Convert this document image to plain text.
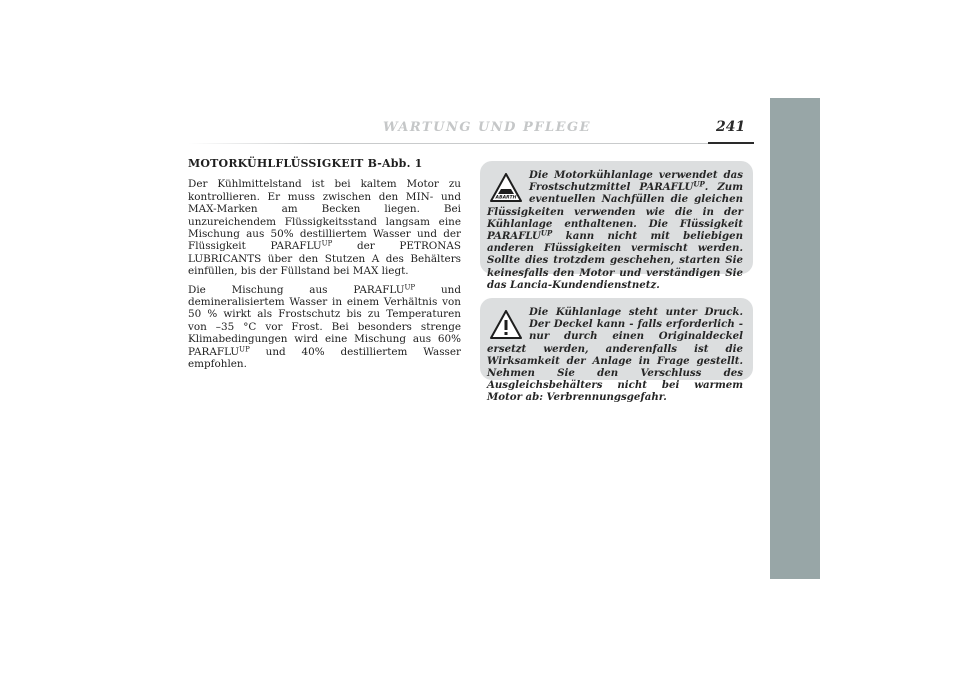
WARTUNG UND PFLEGE	241
MOTORKÜHLFLÜSSIGKEIT B-Abb. 1

Der Kühlmittelstand ist bei kaltem Motor zu kontrollieren. Er muss zwischen den MIN- und MAX-Marken am Becken liegen. Bei unzureichendem Flüssigkeitsstand langsam eine Mischung aus 50% destilliertem Wasser und der Flüssigkeit $PARAFLU^{UP}$ der PETRONAS LUBRICANTS über den Stutzen A des Behälters einfüllen, bis der Füllstand bei MAX liegt.

Die Mischung aus $PARAFLU^{UP}$ und demineralisiertem Wasser in einem Verhältnis von 50 % wirkt als Frostschutz bis zu Temperaturen von –35 °C vor Frost. Bei besonders strenge Klimabedingungen wird eine Mischung aus 60% $PARAFLU^{UP}$ und 40% destilliertem Wasser empfohlen.

ABARTH
Die Motorkühlanlage verwendet das Frostschutzmittel $PARAFLU^{UP}$. Zum eventuellen Nachfüllen die gleichen Flüssigkeiten verwenden wie die in der Kühlanlage enthaltenen. Die Flüssigkeit $PARAFLU^{UP}$ kann nicht mit beliebigen anderen Flüssigkeiten vermischt werden. Sollte dies trotzdem geschehen, starten Sie keinesfalls den Motor und verständigen Sie das Lancia-Kundendienstnetz.
Die Kühlanlage steht unter Druck. Der Deckel kann - falls erforderlich - nur durch einen Originaldeckel ersetzt werden, anderenfalls ist die Wirksamkeit der Anlage in Frage gestellt. Nehmen Sie den Verschluss des Ausgleichsbehälters nicht bei warmem Motor ab: Verbrennungsgefahr.
